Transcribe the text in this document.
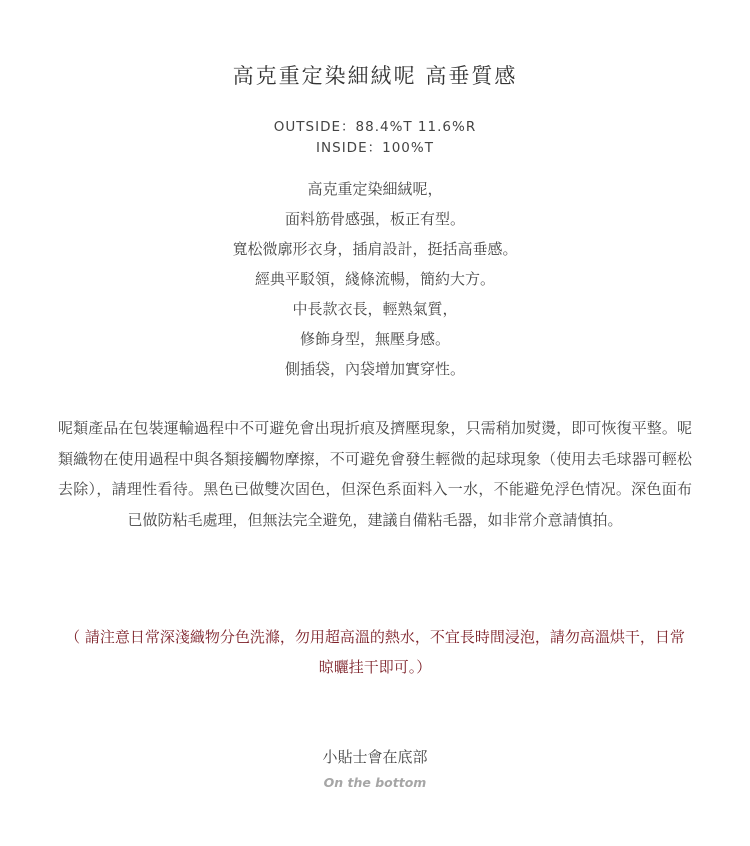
高克重定染細絨呢 高垂質感
OUTSIDE：88.4%T 11.6%R
INSIDE：100%T
高克重定染細絨呢，
面料筋骨感强，板正有型。
寬松微廓形衣身，插肩設計，挺括高垂感。
經典平駁領，綫條流暢，簡約大方。
中長款衣長，輕熟氣質，
修飾身型，無壓身感。
側插袋，內袋增加實穿性。
呢類產品在包裝運輸過程中不可避免會出現折痕及擠壓現象，只需稍加熨燙，即可恢復平整。呢類織物在使用過程中與各類接觸物摩擦，不可避免會發生輕微的起球現象（使用去毛球器可輕松去除），請理性看待。黑色已做雙次固色，但深色系面料入一水，不能避免浮色情况。深色面布已做防粘毛處理，但無法完全避免，建議自備粘毛器，如非常介意請慎拍。
（ 請注意日常深淺織物分色洗滌，勿用超高溫的熱水，不宜長時間浸泡，請勿高溫烘干，日常晾曬挂干即可。）
小貼士會在底部
On the bottom
